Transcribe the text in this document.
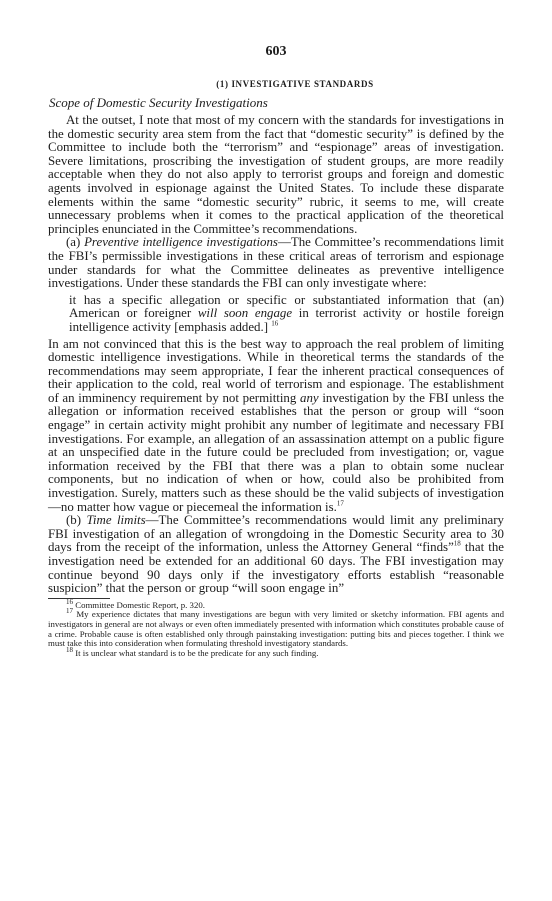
603
(1) INVESTIGATIVE STANDARDS
Scope of Domestic Security Investigations

At the outset, I note that most of my concern with the standards for investigations in the domestic security area stem from the fact that “domestic security” is defined by the Committee to include both the “terrorism” and “espionage” areas of investigation. Severe limitations, proscribing the investigation of student groups, are more readily acceptable when they do not also apply to terrorist groups and foreign and domestic agents involved in espionage against the United States. To include these disparate elements within the same “domestic security” rubric, it seems to me, will create unnecessary problems when it comes to the practical application of the theoretical principles enunciated in the Committee’s recommendations.

(a) Preventive intelligence investigations—The Committee’s recommendations limit the FBI’s permissible investigations in these critical areas of terrorism and espionage under standards for what the Committee delineates as preventive intelligence investigations. Under these standards the FBI can only investigate where:

it has a specific allegation or specific or substantiated information that (an) American or foreigner will soon engage in terrorist activity or hostile foreign intelligence activity [emphasis added.] $^{16}$

In am not convinced that this is the best way to approach the real problem of limiting domestic intelligence investigations. While in theoretical terms the standards of the recommendations may seem appropriate, I fear the inherent practical consequences of their application to the cold, real world of terrorism and espionage. The establishment of an imminency requirement by not permitting any investigation by the FBI unless the allegation or information received establishes that the person or group will “soon engage” in certain activity might prohibit any number of legitimate and necessary FBI investigations. For example, an allegation of an assassination attempt on a public figure at an unspecified date in the future could be precluded from investigation; or, vague information received by the FBI that there was a plan to obtain some nuclear components, but no indication of when or how, could also be prohibited from investigation. Surely, matters such as these should be the valid subjects of investigation—no matter how vague or piecemeal the information is.$^{17}$

(b) Time limits—The Committee’s recommendations would limit any preliminary FBI investigation of an allegation of wrongdoing in the Domestic Security area to 30 days from the receipt of the information, unless the Attorney General “finds”$^{18}$ that the investigation need be extended for an additional 60 days. The FBI investigation may continue beyond 90 days only if the investigatory efforts establish “reasonable suspicion” that the person or group “will soon engage in”

$^{16}$ Committee Domestic Report, p. 320.

$^{17}$ My experience dictates that many investigations are begun with very limited or sketchy information. FBI agents and investigators in general are not always or even often immediately presented with information which constitutes probable cause of a crime. Probable cause is often established only through painstaking investigation: putting bits and pieces together. I think we must take this into consideration when formulating threshold investigatory standards.

$^{18}$ It is unclear what standard is to be the predicate for any such finding.
